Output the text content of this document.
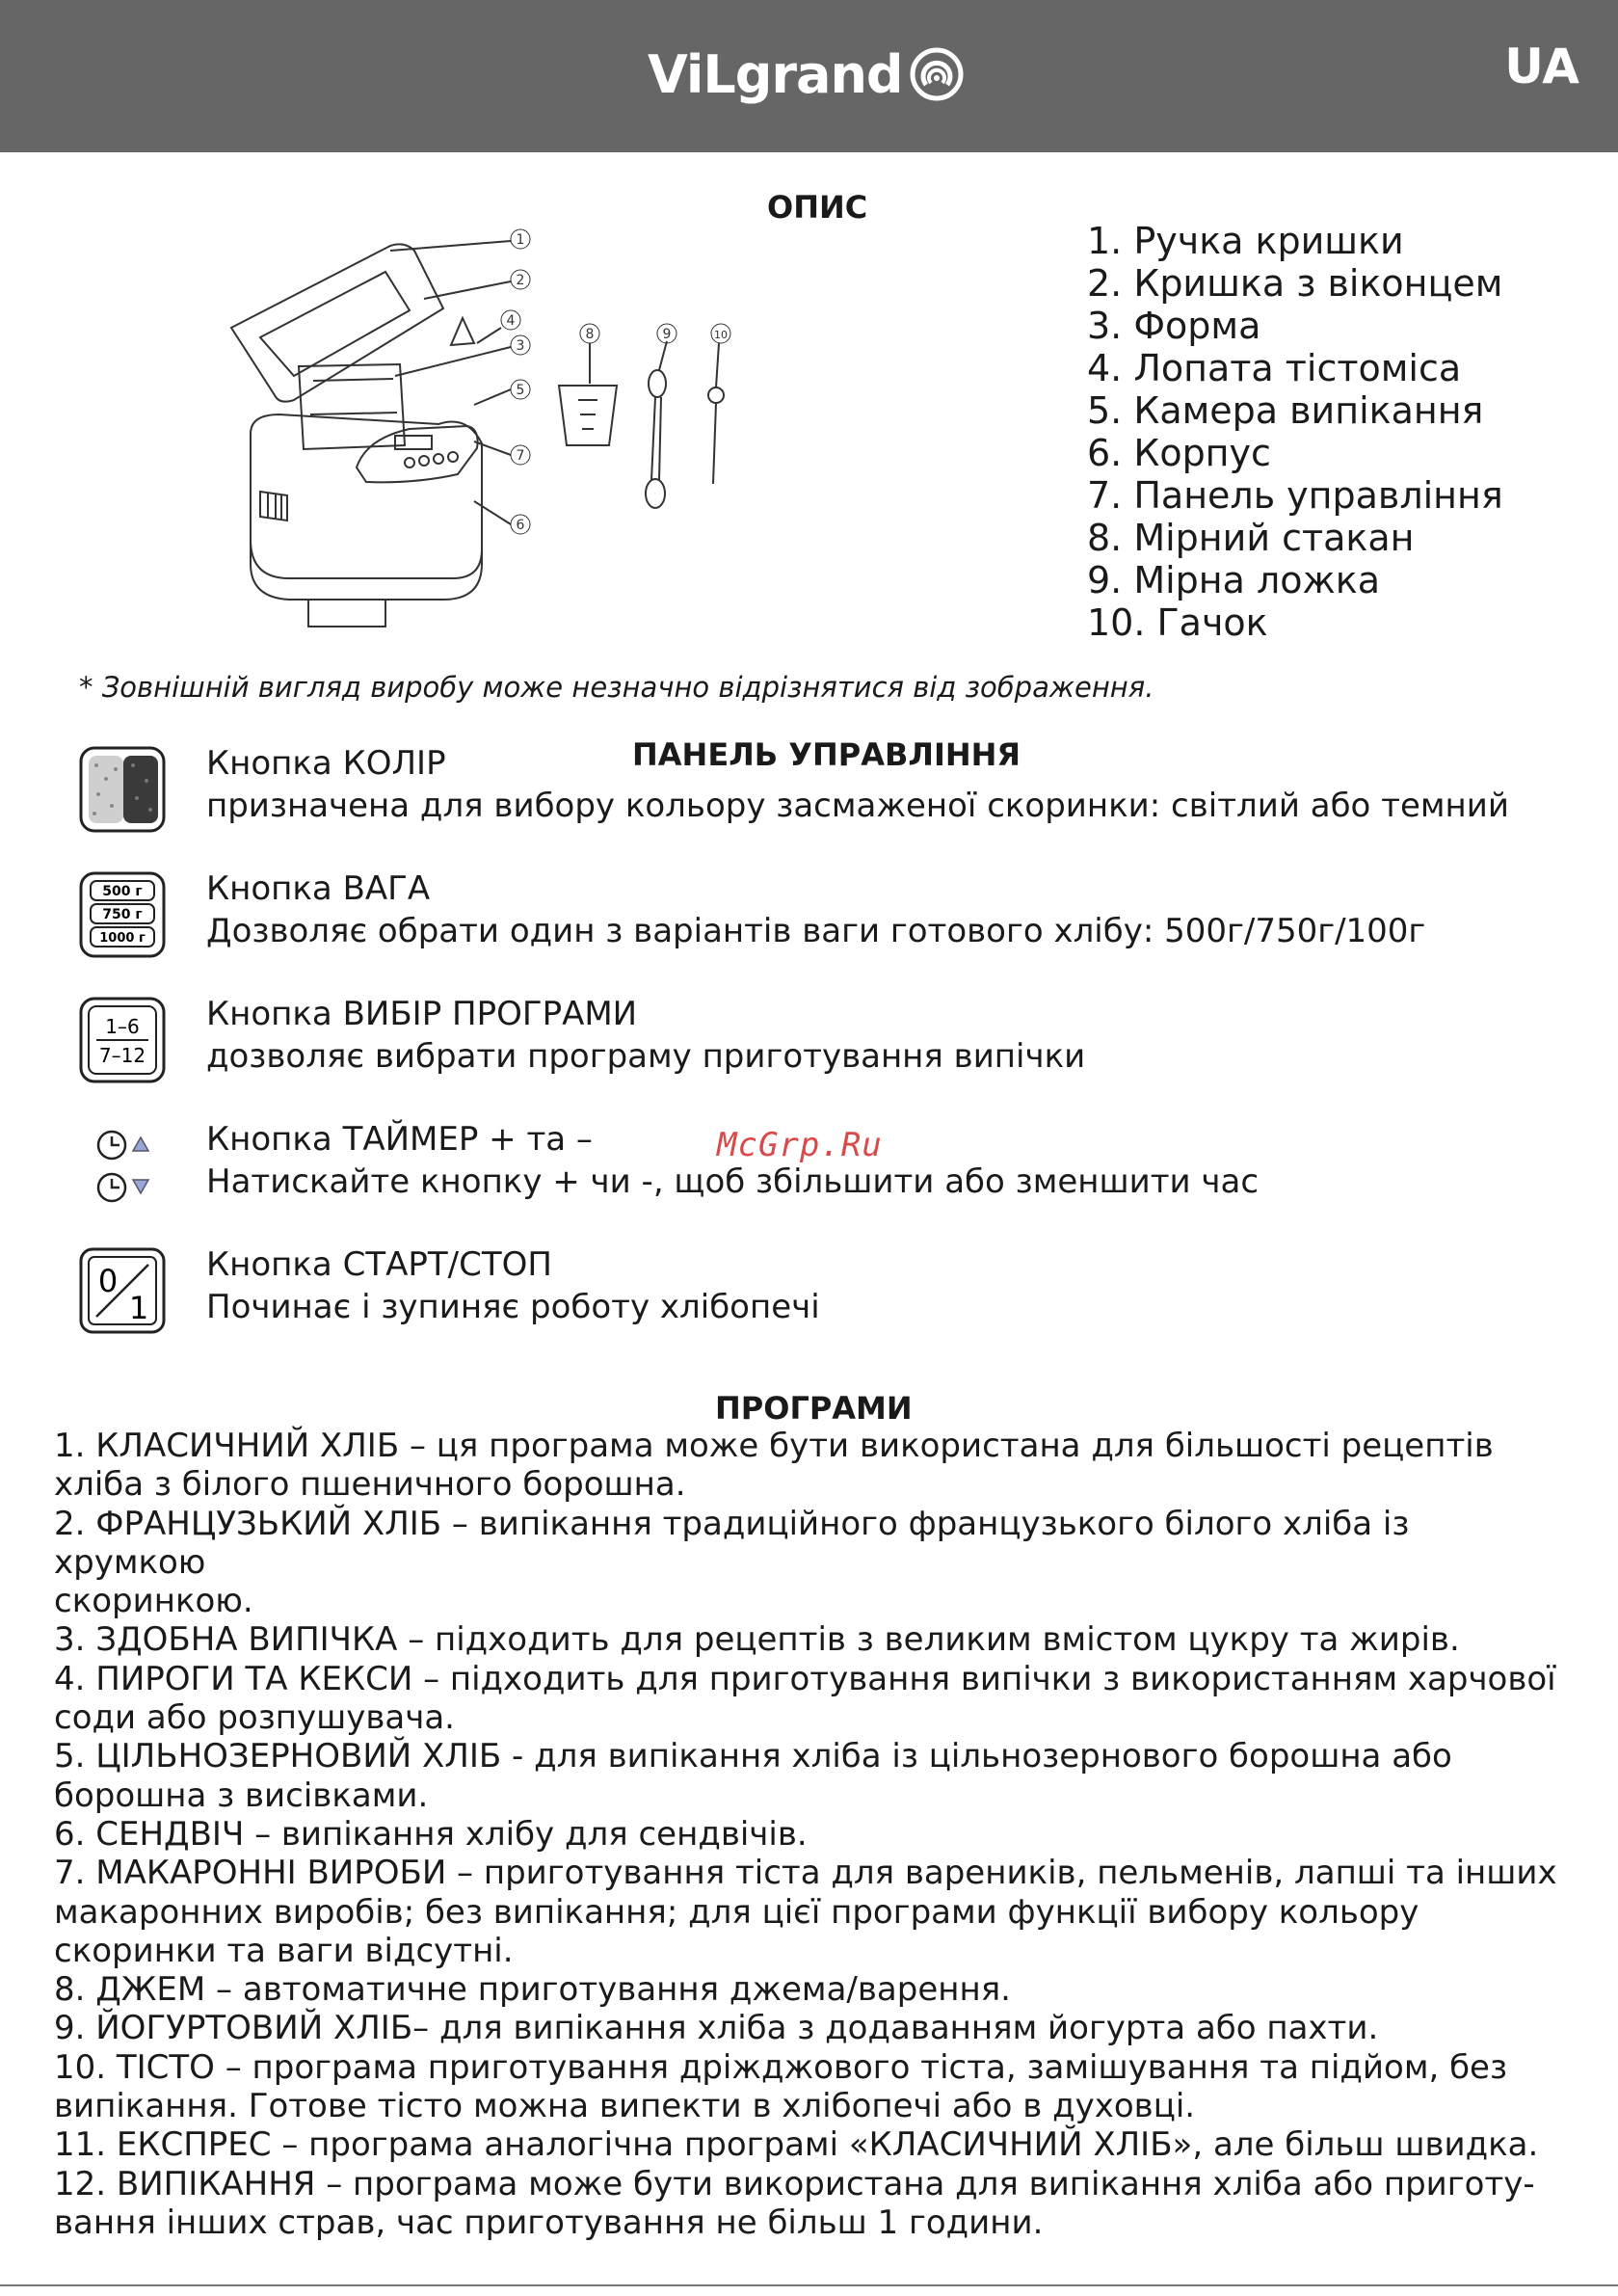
ViLgrand	UA
ОПИС
1
2
3
4
5
6
7
8	9	10
1. Ручка кришки
2. Кришка з віконцем
3. Форма
4. Лопата тістоміса
5. Камера випікання
6. Корпус
7. Панель управління
8. Мірний стакан
9. Мірна ложка
10. Гачок
* Зовнішній вигляд виробу може незначно відрізнятися від зображення.
ПАНЕЛЬ УПРАВЛІННЯ
Кнопка КОЛІР
призначена для вибору кольору засмаженої скоринки: світлий або темний
500 г
750 г
1000 г
Кнопка ВАГА
Дозволяє обрати один з варіантів ваги готового хлібу: 500г/750г/100г
1–6
7–12
Кнопка ВИБІР ПРОГРАМИ
дозволяє вибрати програму приготування випічки
Кнопка ТАЙМЕР + та –
Натискайте кнопку + чи -, щоб збільшити або зменшити час
0
1
Кнопка СТАРТ/СТОП
Починає і зупиняє роботу хлібопечі
McGrp.Ru
ПРОГРАМИ
1. КЛАСИЧНИЙ ХЛІБ – ця програма може бути використана для більшості рецептів
хліба з білого пшеничного борошна.
2. ФРАНЦУЗЬКИЙ ХЛІБ – випікання традиційного французького білого хліба із хрумкою
скоринкою.
3. ЗДОБНА ВИПІЧКА – підходить для рецептів з великим вмістом цукру та жирів.
4. ПИРОГИ ТА КЕКСИ – підходить для приготування випічки з використанням харчової
соди або розпушувача.
5. ЦІЛЬНОЗЕРНОВИЙ ХЛІБ - для випікання хліба із цільнозернового борошна або
борошна з висівками.
6. СЕНДВІЧ – випікання хлібу для сендвічів.
7. МАКАРОННІ ВИРОБИ – приготування тіста для вареників, пельменів, лапші та інших
макаронних виробів; без випікання; для цієї програми функції вибору кольору
скоринки та ваги відсутні.
8. ДЖЕМ – автоматичне приготування джема/варення.
9. ЙОГУРТОВИЙ ХЛІБ– для випікання хліба з додаванням йогурта або пахти.
10. ТІСТО – програма приготування дріжджового тіста, замішування та підйом, без
випікання. Готове тісто можна випекти в хлібопечі або в духовці.
11. ЕКСПРЕС – програма аналогічна програмі «КЛАСИЧНИЙ ХЛІБ», але більш швидка.
12. ВИПІКАННЯ – програма може бути використана для випікання хліба або приготу-
вання інших страв, час приготування не більш 1 години.
